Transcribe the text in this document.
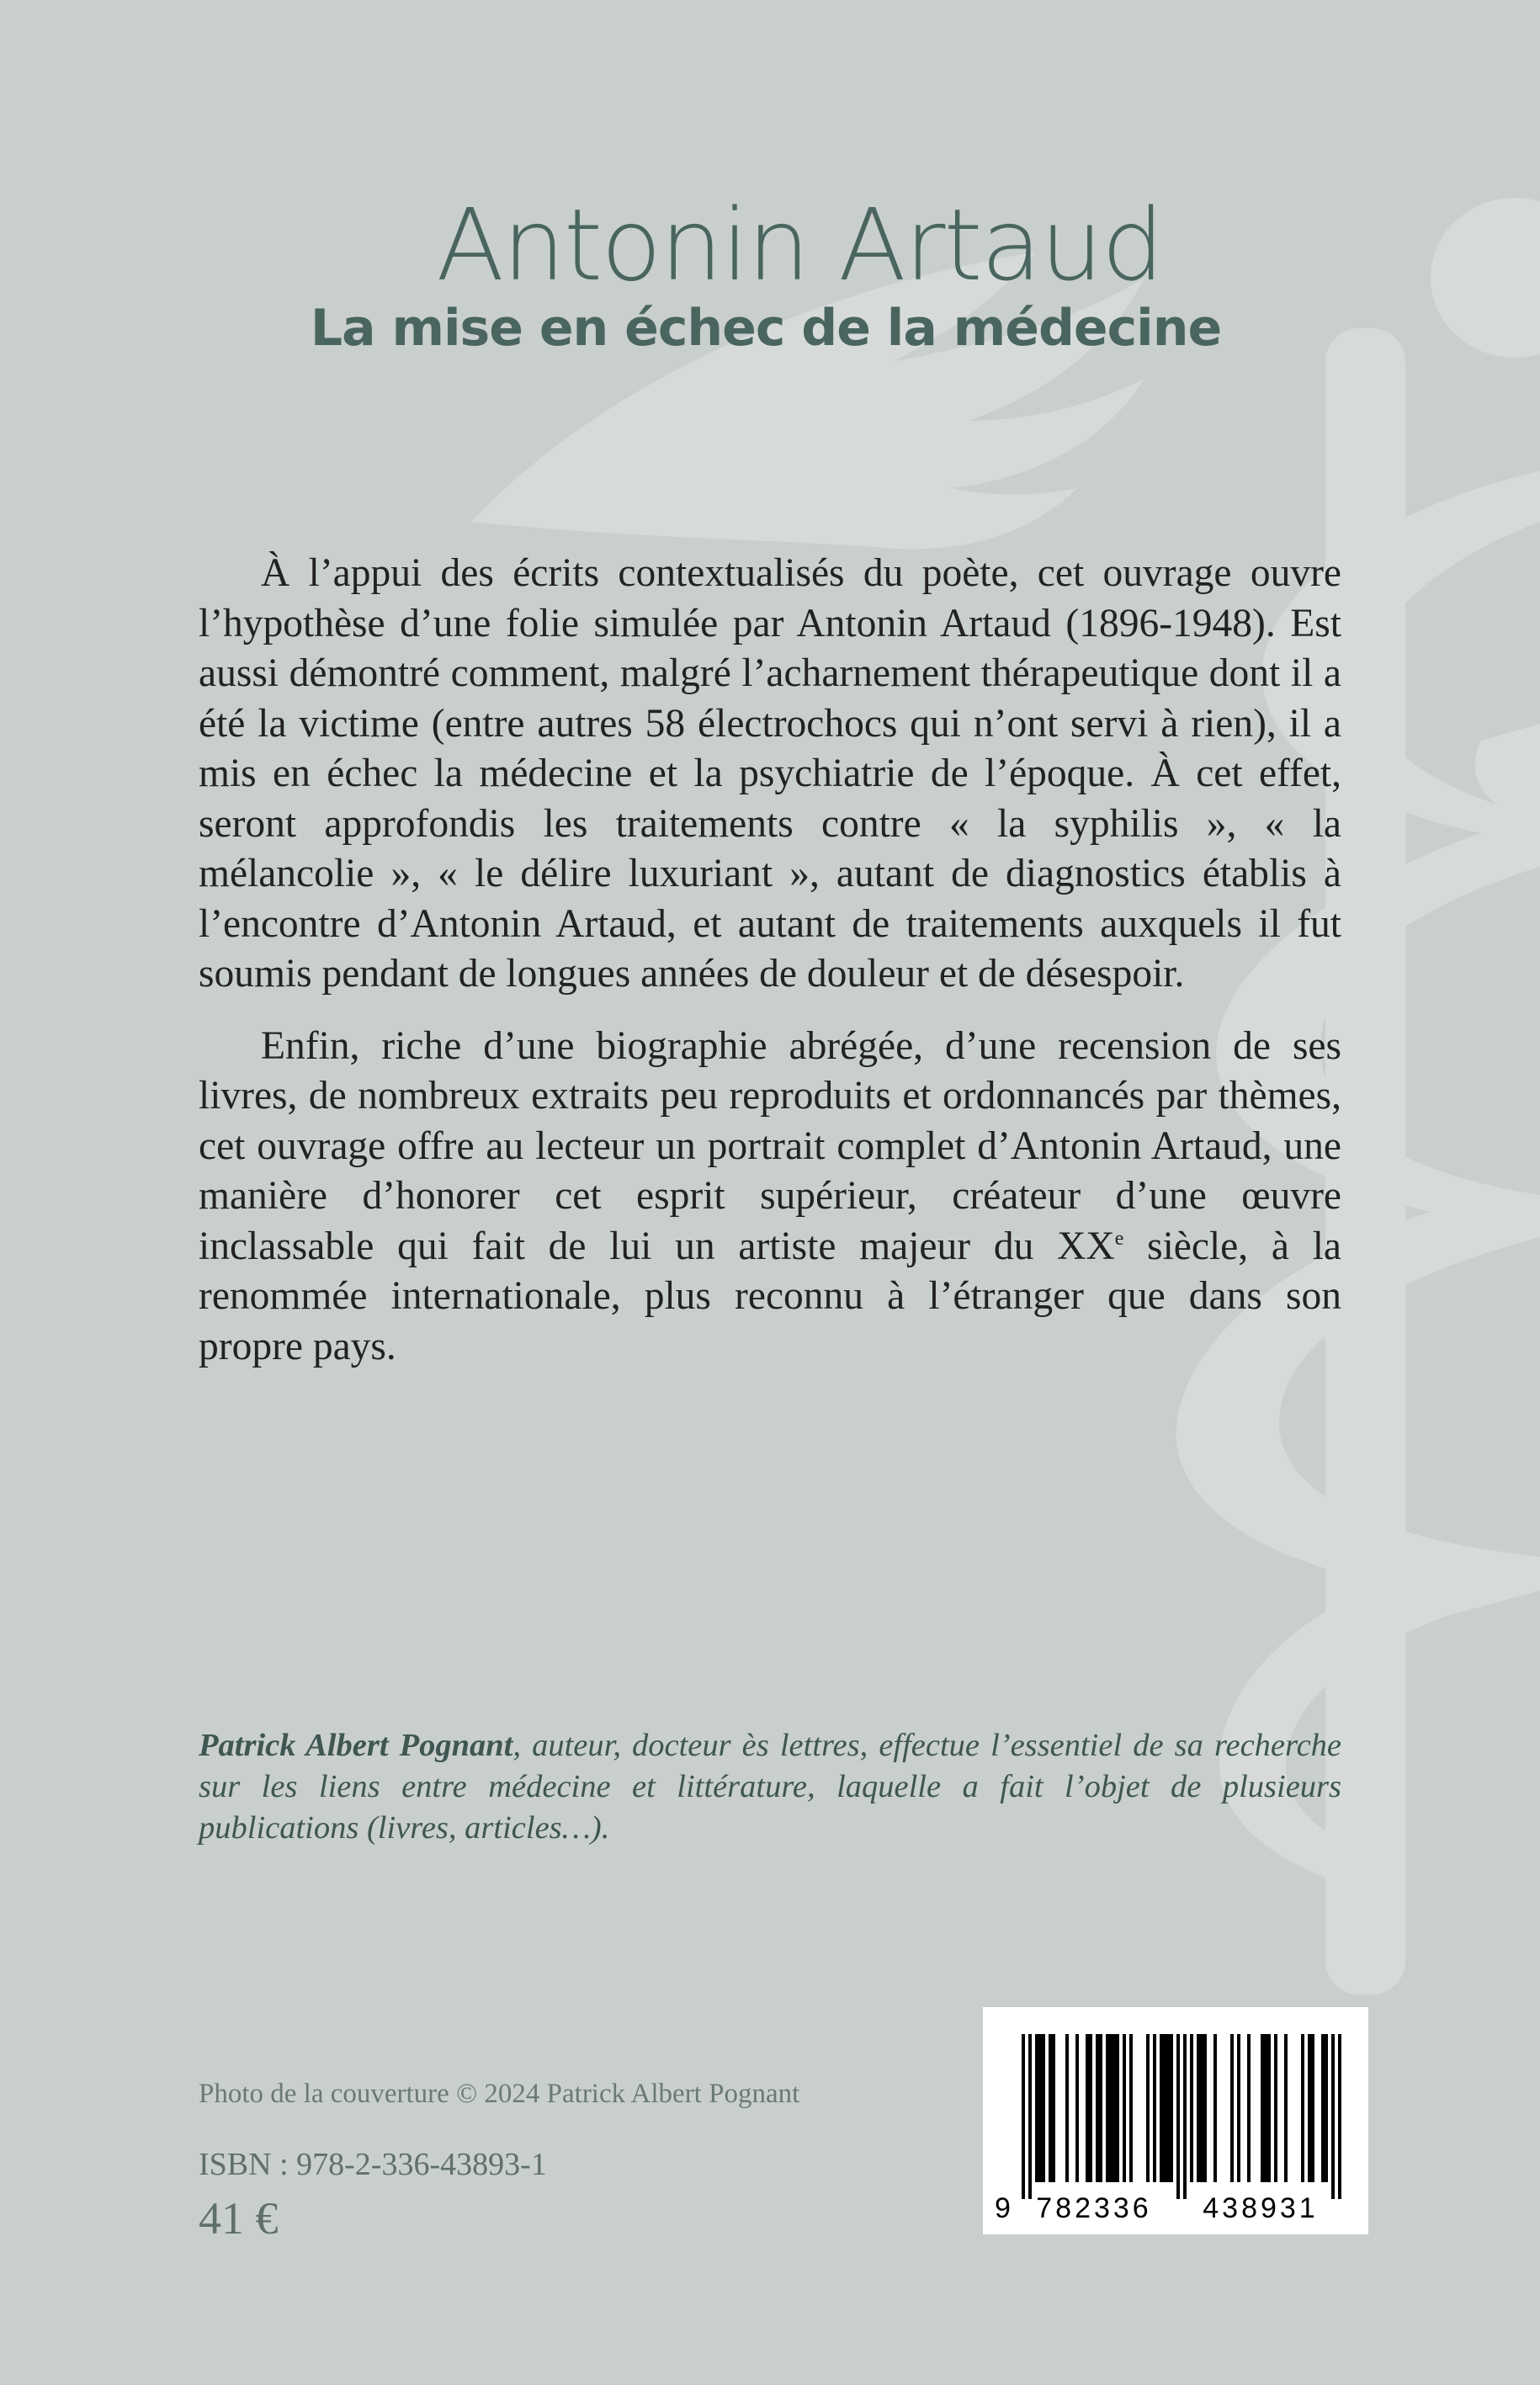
Antonin Artaud
La mise en échec de la médecine

À l’appui des écrits contextualisés du poète, cet ouvrage ouvre l’hypothèse d’une folie simulée par Antonin Artaud (1896-1948). Est aussi démontré comment, malgré l’acharnement thérapeutique dont il a été la victime (entre autres 58 électrochocs qui n’ont servi à rien), il a mis en échec la médecine et la psychiatrie de l’époque. À cet effet, seront approfondis les traitements contre « la syphilis », « la mélancolie », « le délire luxuriant », autant de diagnostics établis à l’encontre d’Antonin Artaud, et autant de traitements auxquels il fut soumis pendant de longues années de douleur et de désespoir.

Enfin, riche d’une biographie abrégée, d’une recension de ses livres, de nombreux extraits peu reproduits et ordonnancés par thèmes, cet ouvrage offre au lecteur un portrait complet d’Antonin Artaud, une manière d’honorer cet esprit supérieur, créateur d’une œuvre inclassable qui fait de lui un artiste majeur du XXe siècle, à la renommée internationale, plus reconnu à l’étranger que dans son propre pays.

Patrick Albert Pognant, auteur, docteur ès lettres, effectue l’essentiel de sa recherche sur les liens entre médecine et littérature, laquelle a fait l’objet de plusieurs publications (livres, articles…).
Photo de la couverture © 2024 Patrick Albert Pognant
ISBN : 978-2-336-43893-1
41 €	9 782336 438931
